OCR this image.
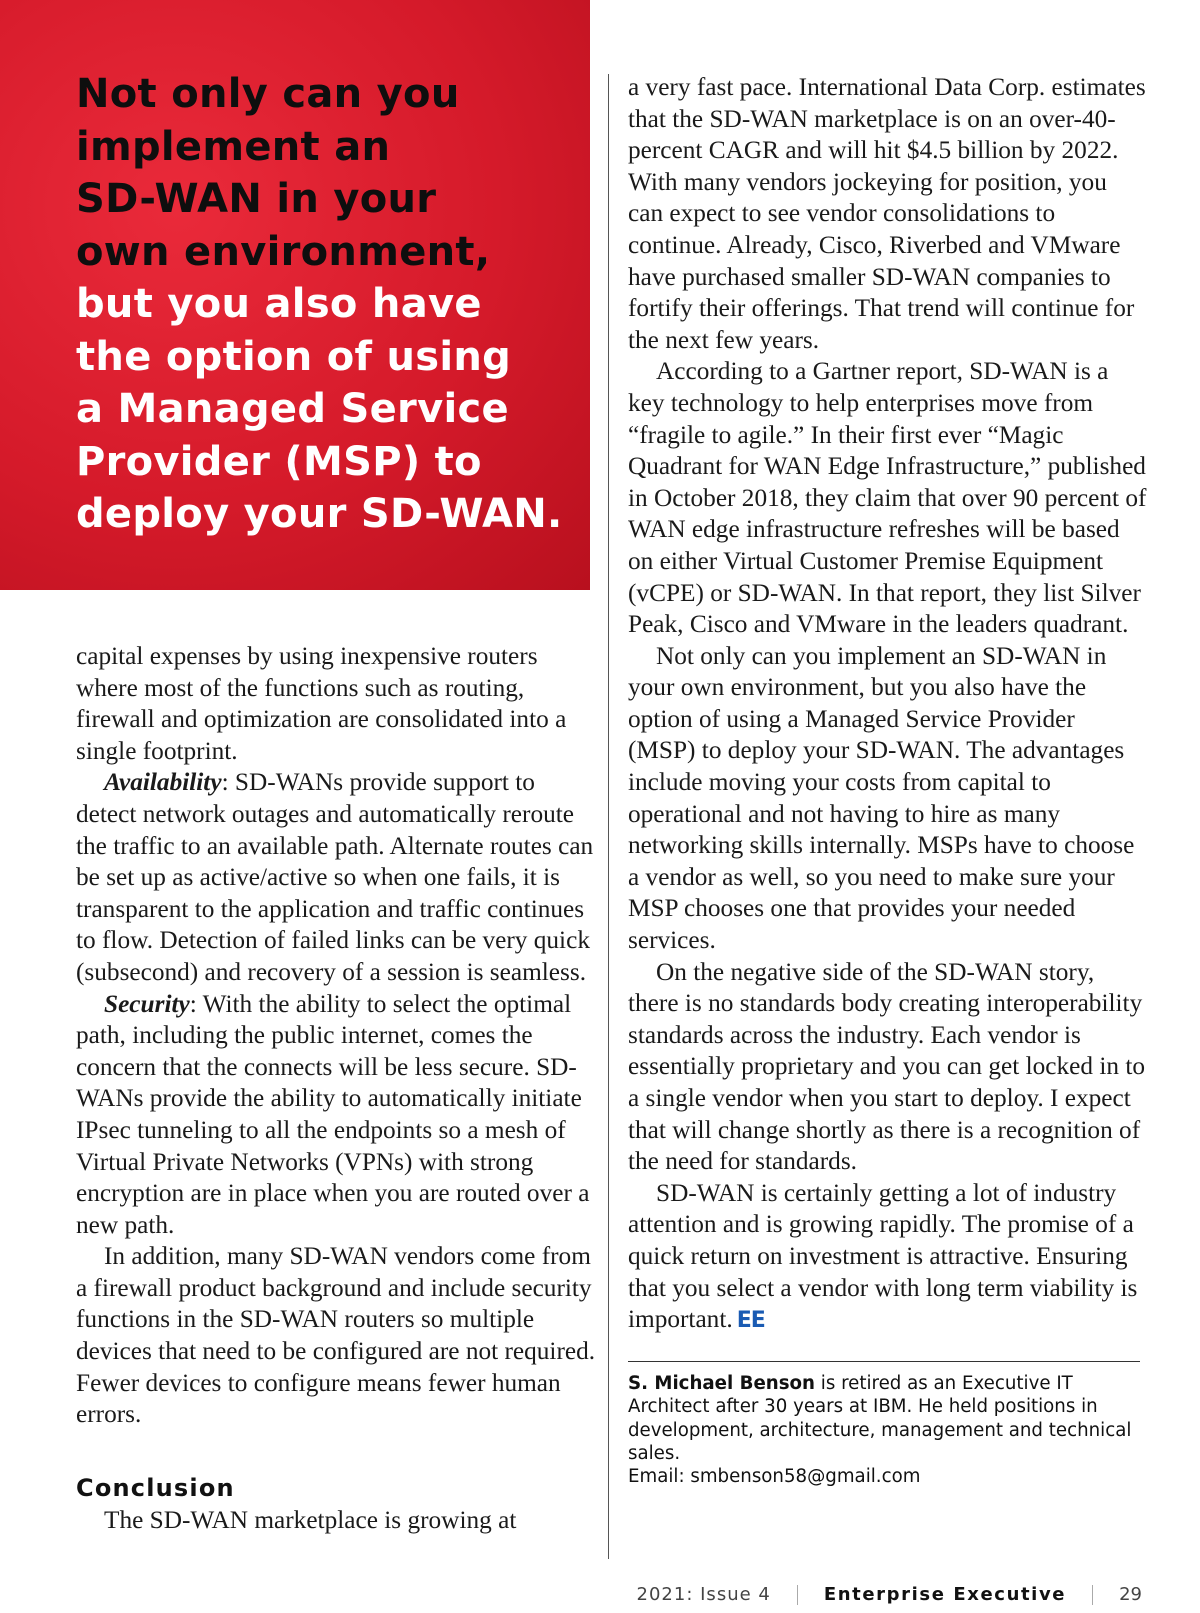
Not only can you
implement an
SD-WAN in your
own environment,
but you also have
the option of using
a Managed Service
Provider (MSP) to
deploy your SD-WAN.

capital expenses by using inexpensive routers where most of the functions such as routing, firewall and optimization are consolidated into a single footprint.

Availability: SD-WANs provide support to detect network outages and automatically reroute the traffic to an available path. Alternate routes can be set up as active/active so when one fails, it is transparent to the application and traffic continues to flow. Detection of failed links can be very quick (subsecond) and recovery of a session is seamless.

Security: With the ability to select the optimal path, including the public internet, comes the concern that the connects will be less secure. SD-WANs provide the ability to automatically initiate IPsec tunneling to all the endpoints so a mesh of Virtual Private Networks (VPNs) with strong encryption are in place when you are routed over a new path.

In addition, many SD-WAN vendors come from a firewall product background and include security functions in the SD-WAN routers so multiple devices that need to be configured are not required. Fewer devices to configure means fewer human errors.

Conclusion

The SD-WAN marketplace is growing at

a very fast pace. International Data Corp. estimates that the SD-WAN marketplace is on an over-40-percent CAGR and will hit $4.5 billion by 2022. With many vendors jockeying for position, you can expect to see vendor consolidations to continue. Already, Cisco, Riverbed and VMware have purchased smaller SD-WAN companies to fortify their offerings. That trend will continue for the next few years.

According to a Gartner report, SD-WAN is a key technology to help enterprises move from “fragile to agile.” In their first ever “Magic Quadrant for WAN Edge Infrastructure,” published in October 2018, they claim that over 90 percent of WAN edge infrastructure refreshes will be based on either Virtual Customer Premise Equipment (vCPE) or SD-WAN. In that report, they list Silver Peak, Cisco and VMware in the leaders quadrant.

Not only can you implement an SD-WAN in your own environment, but you also have the option of using a Managed Service Provider (MSP) to deploy your SD-WAN. The advantages include moving your costs from capital to operational and not having to hire as many networking skills internally. MSPs have to choose a vendor as well, so you need to make sure your MSP chooses one that provides your needed services.

On the negative side of the SD-WAN story, there is no standards body creating interoperability standards across the industry. Each vendor is essentially proprietary and you can get locked in to a single vendor when you start to deploy. I expect that will change shortly as there is a recognition of the need for standards.

SD-WAN is certainly getting a lot of industry attention and is growing rapidly. The promise of a quick return on investment is attractive. Ensuring that you select a vendor with long term viability is important. EE

S. Michael Benson is retired as an Executive IT Architect after 30 years at IBM. He held positions in development, architecture, management and technical sales.
Email: smbenson58@gmail.com
2021: Issue 4	Enterprise Executive	29
